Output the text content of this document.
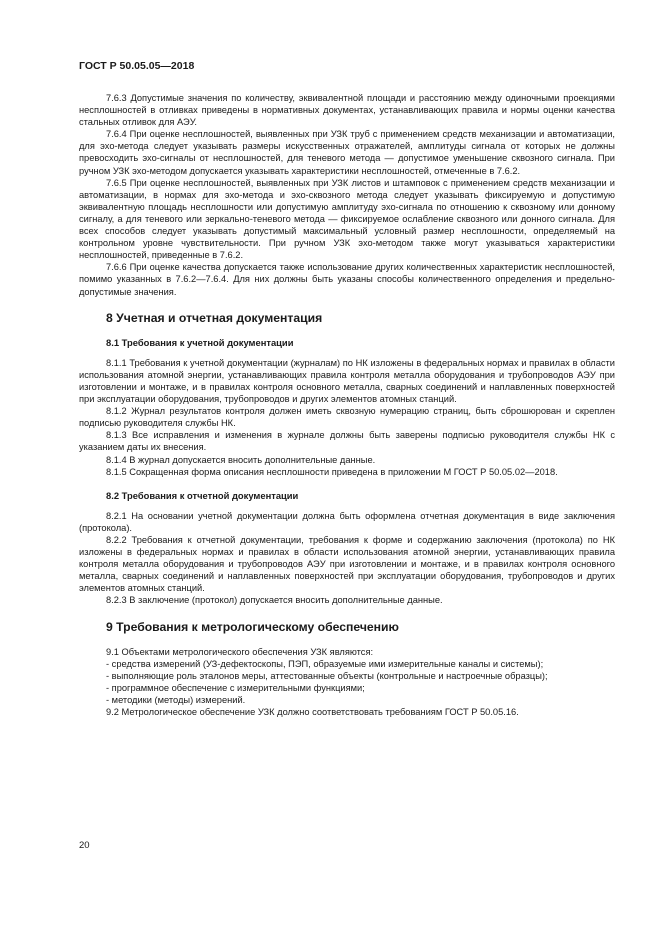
ГОСТ Р 50.05.05—2018

7.6.3 Допустимые значения по количеству, эквивалентной площади и расстоянию между одиночными проекциями несплошностей в отливках приведены в нормативных документах, устанавливающих правила и нормы оценки качества стальных отливок для АЭУ.

7.6.4 При оценке несплошностей, выявленных при УЗК труб с применением средств механизации и автоматизации, для эхо-метода следует указывать размеры искусственных отражателей, амплитуды сигнала от которых не должны превосходить эхо-сигналы от несплошностей, для теневого метода — допустимое уменьшение сквозного сигнала. При ручном УЗК эхо-методом допускается указывать характеристики несплошностей, отмеченные в 7.6.2.

7.6.5 При оценке несплошностей, выявленных при УЗК листов и штамповок с применением средств механизации и автоматизации, в нормах для эхо-метода и эхо-сквозного метода следует указывать фиксируемую и допустимую эквивалентную площадь несплошности или допустимую амплитуду эхо-сигнала по отношению к сквозному или донному сигналу, а для теневого или зеркально-теневого метода — фиксируемое ослабление сквозного или донного сигнала. Для всех способов следует указывать допустимый максимальный условный размер несплошности, определяемый на контрольном уровне чувствительности. При ручном УЗК эхо-методом также могут указываться характеристики несплошностей, приведенные в 7.6.2.

7.6.6 При оценке качества допускается также использование других количественных характеристик несплошностей, помимо указанных в 7.6.2—7.6.4. Для них должны быть указаны способы количественного определения и предельно-допустимые значения.

8 Учетная и отчетная документация

8.1 Требования к учетной документации

8.1.1 Требования к учетной документации (журналам) по НК изложены в федеральных нормах и правилах в области использования атомной энергии, устанавливающих правила контроля металла оборудования и трубопроводов АЭУ при изготовлении и монтаже, и в правилах контроля основного металла, сварных соединений и наплавленных поверхностей при эксплуатации оборудования, трубопроводов и других элементов атомных станций.

8.1.2 Журнал результатов контроля должен иметь сквозную нумерацию страниц, быть сброшюрован и скреплен подписью руководителя службы НК.

8.1.3 Все исправления и изменения в журнале должны быть заверены подписью руководителя службы НК с указанием даты их внесения.

8.1.4 В журнал допускается вносить дополнительные данные.

8.1.5 Сокращенная форма описания несплошности приведена в приложении М ГОСТ Р 50.05.02—2018.

8.2 Требования к отчетной документации

8.2.1 На основании учетной документации должна быть оформлена отчетная документация в виде заключения (протокола).

8.2.2 Требования к отчетной документации, требования к форме и содержанию заключения (протокола) по НК изложены в федеральных нормах и правилах в области использования атомной энергии, устанавливающих правила контроля металла оборудования и трубопроводов АЭУ при изготовлении и монтаже, и в правилах контроля основного металла, сварных соединений и наплавленных поверхностей при эксплуатации оборудования, трубопроводов и других элементов атомных станций.

8.2.3 В заключение (протокол) допускается вносить дополнительные данные.

9 Требования к метрологическому обеспечению

9.1 Объектами метрологического обеспечения УЗК являются:

- средства измерений (УЗ-дефектоскопы, ПЭП, образуемые ими измерительные каналы и системы);

- выполняющие роль эталонов меры, аттестованные объекты (контрольные и настроечные образцы);

- программное обеспечение с измерительными функциями;

- методики (методы) измерений.

9.2 Метрологическое обеспечение УЗК должно соответствовать требованиям ГОСТ Р 50.05.16.

20
